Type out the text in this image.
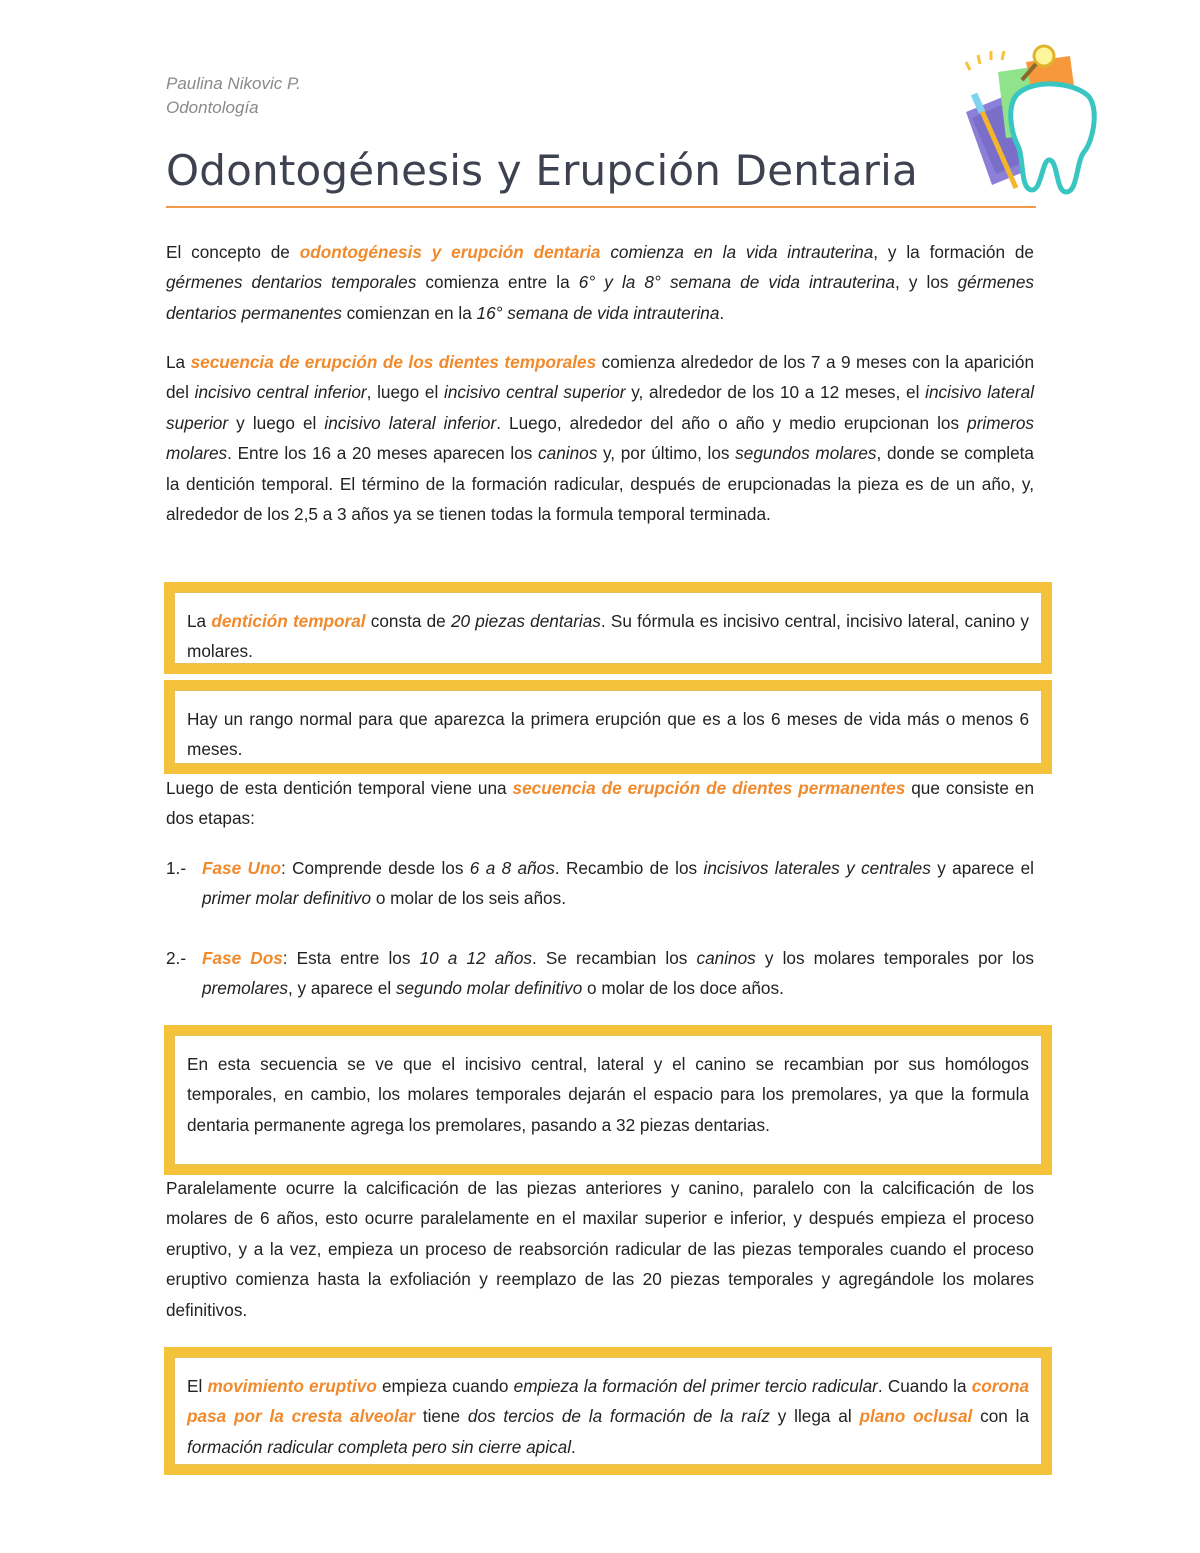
Paulina Nikovic P.
Odontología
Odontogénesis y Erupción Dentaria

El concepto de odontogénesis y erupción dentaria comienza en la vida intrauterina, y la formación de gérmenes dentarios temporales comienza entre la 6° y la 8° semana de vida intrauterina, y los gérmenes dentarios permanentes comienzan en la 16° semana de vida intrauterina.

La secuencia de erupción de los dientes temporales comienza alrededor de los 7 a 9 meses con la aparición del incisivo central inferior, luego el incisivo central superior y, alrededor de los 10 a 12 meses, el incisivo lateral superior y luego el incisivo lateral inferior. Luego, alrededor del año o año y medio erupcionan los primeros molares. Entre los 16 a 20 meses aparecen los caninos y, por último, los segundos molares, donde se completa la dentición temporal. El término de la formación radicular, después de erupcionadas la pieza es de un año, y, alrededor de los 2,5 a 3 años ya se tienen todas la formula temporal terminada.

La dentición temporal consta de 20 piezas dentarias. Su fórmula es incisivo central, incisivo lateral, canino y molares.
Hay un rango normal para que aparezca la primera erupción que es a los 6 meses de vida más o menos 6 meses.

Luego de esta dentición temporal viene una secuencia de erupción de dientes permanentes que consiste en dos etapas:

1.- Fase Uno: Comprende desde los 6 a 8 años. Recambio de los incisivos laterales y centrales y aparece el primer molar definitivo o molar de los seis años.
2.- Fase Dos: Esta entre los 10 a 12 años. Se recambian los caninos y los molares temporales por los premolares, y aparece el segundo molar definitivo o molar de los doce años.
En esta secuencia se ve que el incisivo central, lateral y el canino se recambian por sus homólogos temporales, en cambio, los molares temporales dejarán el espacio para los premolares, ya que la formula dentaria permanente agrega los premolares, pasando a 32 piezas dentarias.

Paralelamente ocurre la calcificación de las piezas anteriores y canino, paralelo con la calcificación de los molares de 6 años, esto ocurre paralelamente en el maxilar superior e inferior, y después empieza el proceso eruptivo, y a la vez, empieza un proceso de reabsorción radicular de las piezas temporales cuando el proceso eruptivo comienza hasta la exfoliación y reemplazo de las 20 piezas temporales y agregándole los molares definitivos.

El movimiento eruptivo empieza cuando empieza la formación del primer tercio radicular. Cuando la corona pasa por la cresta alveolar tiene dos tercios de la formación de la raíz y llega al plano oclusal con la formación radicular completa pero sin cierre apical.
